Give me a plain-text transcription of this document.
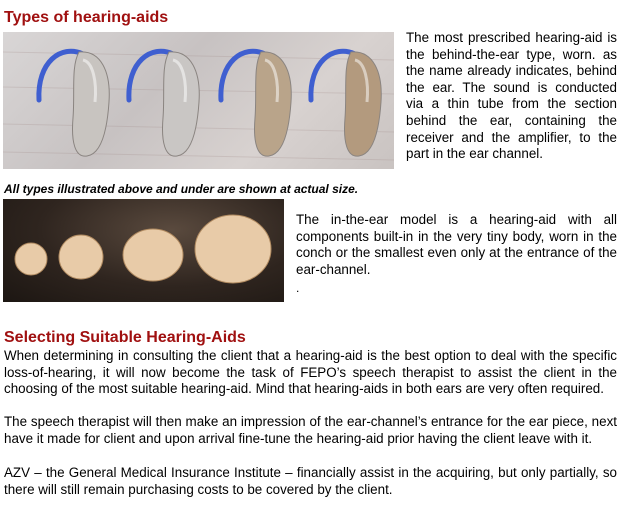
Types of hearing-aids

The most prescribed hearing-aid is the behind-the-ear type, worn. as the name already indicates, behind the ear. The sound is conducted via a thin tube from the section behind the ear, containing the receiver and the amplifier, to the part in the ear channel.

All types illustrated above and under are shown at actual size.

The in-the-ear model is a hearing-aid with all components built-in in the very tiny body, worn in the conch or the smallest even only at the entrance of the ear-channel.

.

Selecting Suitable Hearing-Aids

When determining in consulting the client that a hearing-aid is the best option to deal with the specific loss-of-hearing, it will now become the task of FEPO’s speech therapist to assist the client in the choosing of the most suitable hearing-aid. Mind that hearing-aids in both ears are very often required.

The speech therapist will then make an impression of the ear-channel’s entrance for the ear piece, next have it made for client and upon arrival fine-tune the hearing-aid prior having the client leave with it.

AZV – the General Medical Insurance Institute – financially assist in the acquiring, but only partially, so there will still remain purchasing costs to be covered by the client.
